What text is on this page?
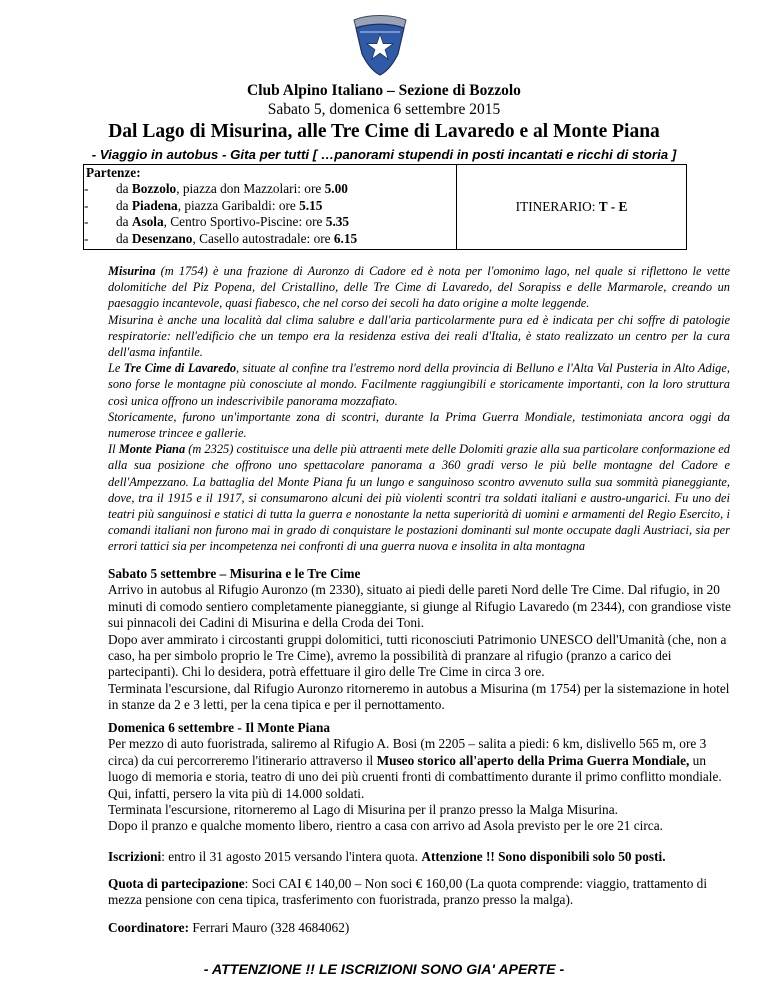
Club Alpino Italiano – Sezione di Bozzolo
Sabato 5, domenica 6 settembre 2015
Dal Lago di Misurina, alle Tre Cime di Lavaredo e al Monte Piana
- Viaggio in autobus - Gita per tutti [ …panorami stupendi in posti incantati e ricchi di storia ]
Partenze:
- da Bozzolo, piazza don Mazzolari: ore 5.00
- da Piadena, piazza Garibaldi: ore 5.15
- da Asola, Centro Sportivo-Piscine: ore 5.35
- da Desenzano, Casello autostradale: ore 6.15
	ITINERARIO: T - E

Misurina (m 1754) è una frazione di Auronzo di Cadore ed è nota per l'omonimo lago, nel quale si riflettono le vette dolomitiche del Piz Popena, del Cristallino, delle Tre Cime di Lavaredo, del Sorapiss e delle Marmarole, creando un paesaggio incantevole, quasi fiabesco, che nel corso dei secoli ha dato origine a molte leggende.

Misurina è anche una località dal clima salubre e dall'aria particolarmente pura ed è indicata per chi soffre di patologie respiratorie: nell'edificio che un tempo era la residenza estiva dei reali d'Italia, è stato realizzato un centro per la cura dell'asma infantile.

Le Tre Cime di Lavaredo, situate al confine tra l'estremo nord della provincia di Belluno e l'Alta Val Pusteria in Alto Adige, sono forse le montagne più conosciute al mondo. Facilmente raggiungibili e storicamente importanti, con la loro struttura così unica offrono un indescrivibile panorama mozzafiato.

Storicamente, furono un'importante zona di scontri, durante la Prima Guerra Mondiale, testimoniata ancora oggi da numerose trincee e gallerie.

Il Monte Piana (m 2325) costituisce una delle più attraenti mete delle Dolomiti grazie alla sua particolare conformazione ed alla sua posizione che offrono uno spettacolare panorama a 360 gradi verso le più belle montagne del Cadore e dell'Ampezzano. La battaglia del Monte Piana fu un lungo e sanguinoso scontro avvenuto sulla sua sommità pianeggiante, dove, tra il 1915 e il 1917, si consumarono alcuni dei più violenti scontri tra soldati italiani e austro-ungarici. Fu uno dei teatri più sanguinosi e statici di tutta la guerra e nonostante la netta superiorità di uomini e armamenti del Regio Esercito, i comandi italiani non furono mai in grado di conquistare le postazioni dominanti sul monte occupate dagli Austriaci, sia per errori tattici sia per incompetenza nei confronti di una guerra nuova e insolita in alta montagna

Sabato 5 settembre – Misurina e le Tre Cime

Arrivo in autobus al Rifugio Auronzo (m 2330), situato ai piedi delle pareti Nord delle Tre Cime. Dal rifugio, in 20 minuti di comodo sentiero completamente pianeggiante, si giunge al Rifugio Lavaredo (m 2344), con grandiose viste sui pinnacoli dei Cadini di Misurina e della Croda dei Toni.

Dopo aver ammirato i circostanti gruppi dolomitici, tutti riconosciuti Patrimonio UNESCO dell'Umanità (che, non a caso, ha per simbolo proprio le Tre Cime), avremo la possibilità di pranzare al rifugio (pranzo a carico dei partecipanti). Chi lo desidera, potrà effettuare il giro delle Tre Cime in circa 3 ore.

Terminata l'escursione, dal Rifugio Auronzo ritorneremo in autobus a Misurina (m 1754) per la sistemazione in hotel in stanze da 2 e 3 letti, per la cena tipica e per il pernottamento.

Domenica 6 settembre - Il Monte Piana

Per mezzo di auto fuoristrada, saliremo al Rifugio A. Bosi (m 2205 – salita a piedi: 6 km, dislivello 565 m, ore 3 circa) da cui percorreremo l'itinerario attraverso il Museo storico all'aperto della Prima Guerra Mondiale, un luogo di memoria e storia, teatro di uno dei più cruenti fronti di combattimento durante il primo conflitto mondiale. Qui, infatti, persero la vita più di 14.000 soldati.

Terminata l'escursione, ritorneremo al Lago di Misurina per il pranzo presso la Malga Misurina.

Dopo il pranzo e qualche momento libero, rientro a casa con arrivo ad Asola previsto per le ore 21 circa.

Iscrizioni: entro il 31 agosto 2015 versando l'intera quota. Attenzione !! Sono disponibili solo 50 posti.

Quota di partecipazione: Soci CAI € 140,00 – Non soci € 160,00 (La quota comprende: viaggio, trattamento di mezza pensione con cena tipica, trasferimento con fuoristrada, pranzo presso la malga).

Coordinatore: Ferrari Mauro (328 4684062)

- ATTENZIONE !! LE ISCRIZIONI SONO GIA' APERTE -
